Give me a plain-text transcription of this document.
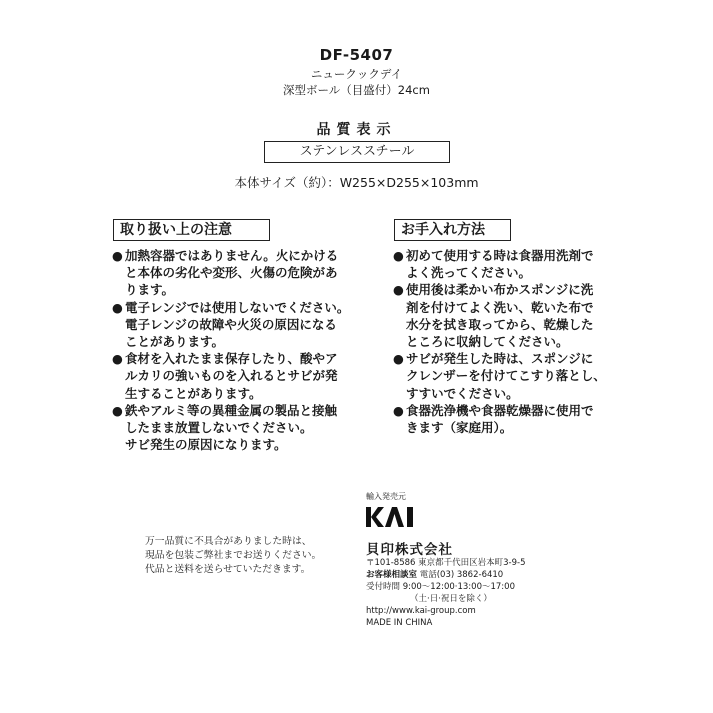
DF-5407
ニュークックデイ
深型ボール（目盛付）24cm
品質表示
ステンレススチール
本体サイズ（約）：W255×D255×103mm
取り扱い上の注意	お手入れ方法
● 加熱容器ではありません。火にかける
と本体の劣化や変形、火傷の危険があ
ります。
● 電子レンジでは使用しないでください。
電子レンジの故障や火災の原因になる
ことがあります。
● 食材を入れたまま保存したり、酸やア
ルカリの強いものを入れるとサビが発
生することがあります。
● 鉄やアルミ等の異種金属の製品と接触
したまま放置しないでください。
サビ発生の原因になります。
● 初めて使用する時は食器用洗剤で
よく洗ってください。
● 使用後は柔かい布かスポンジに洗
剤を付けてよく洗い、乾いた布で
水分を拭き取ってから、乾燥した
ところに収納してください。
● サビが発生した時は、スポンジに
クレンザーを付けてこすり落とし、
すすいでください。
● 食器洗浄機や食器乾燥器に使用で
きます（家庭用）。
万一品質に不具合がありました時は、
現品を包装ご弊社までお送りください。
代品と送料を送らせていただきます。
輸入発売元
貝印株式会社
〒101-8586 東京都千代田区岩本町3-9-5
お客様相談室 電話(03) 3862-6410
受付時間 9:00～12:00·13:00～17:00
（土·日·祝日を除く）
http://www.kai-group.com
MADE IN CHINA
